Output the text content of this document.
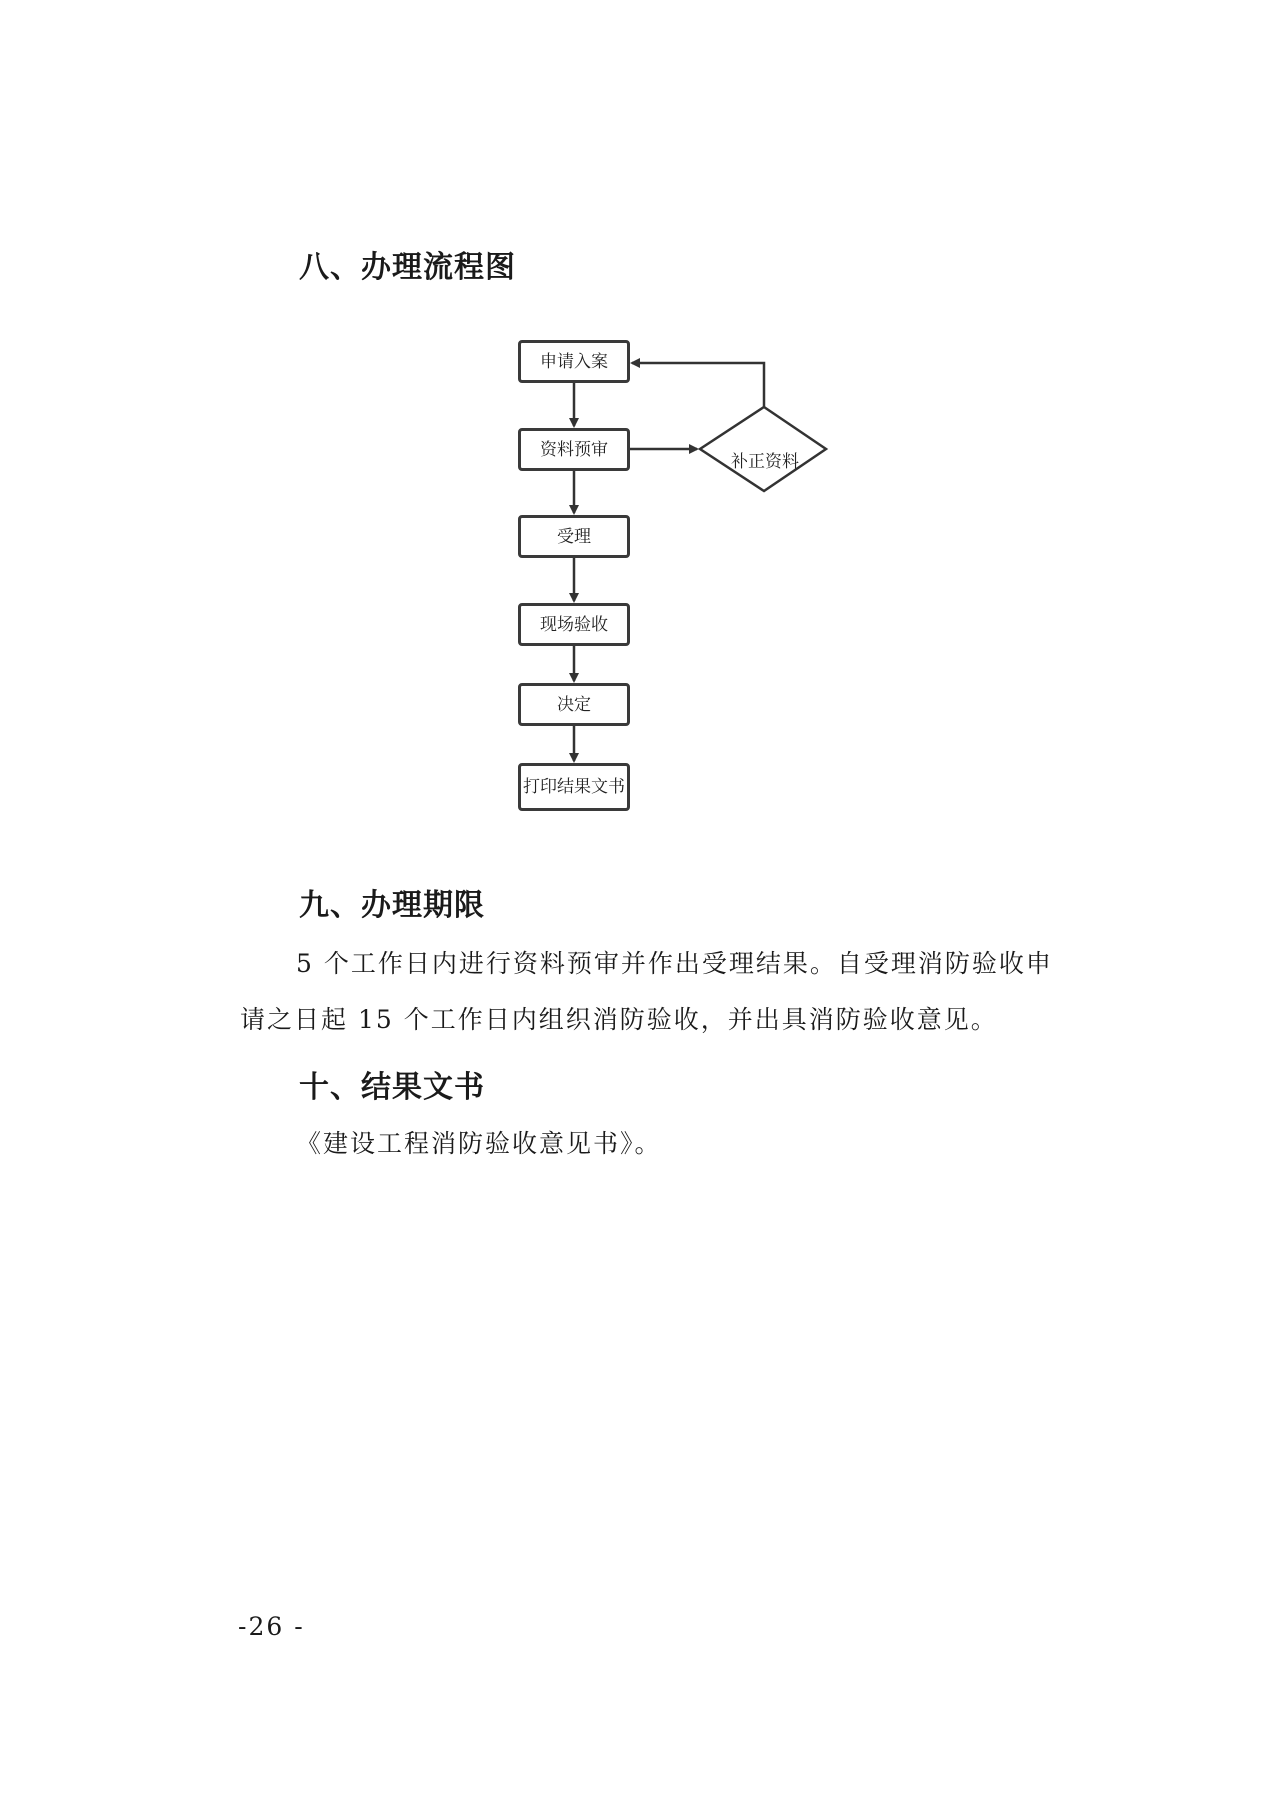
八、办理流程图
申请入案
资料预审
受理
现场验收
决定
打印结果 文书
补正资料
九、办理期限

5 个工作日内进行资料预审并作出受理结果。自受理消防验收申
请之日起 15 个工作日内组织消防验收，并出具消防验收意见。

十、结果文书

《建设工程消防验收意见书》。

-26 -
